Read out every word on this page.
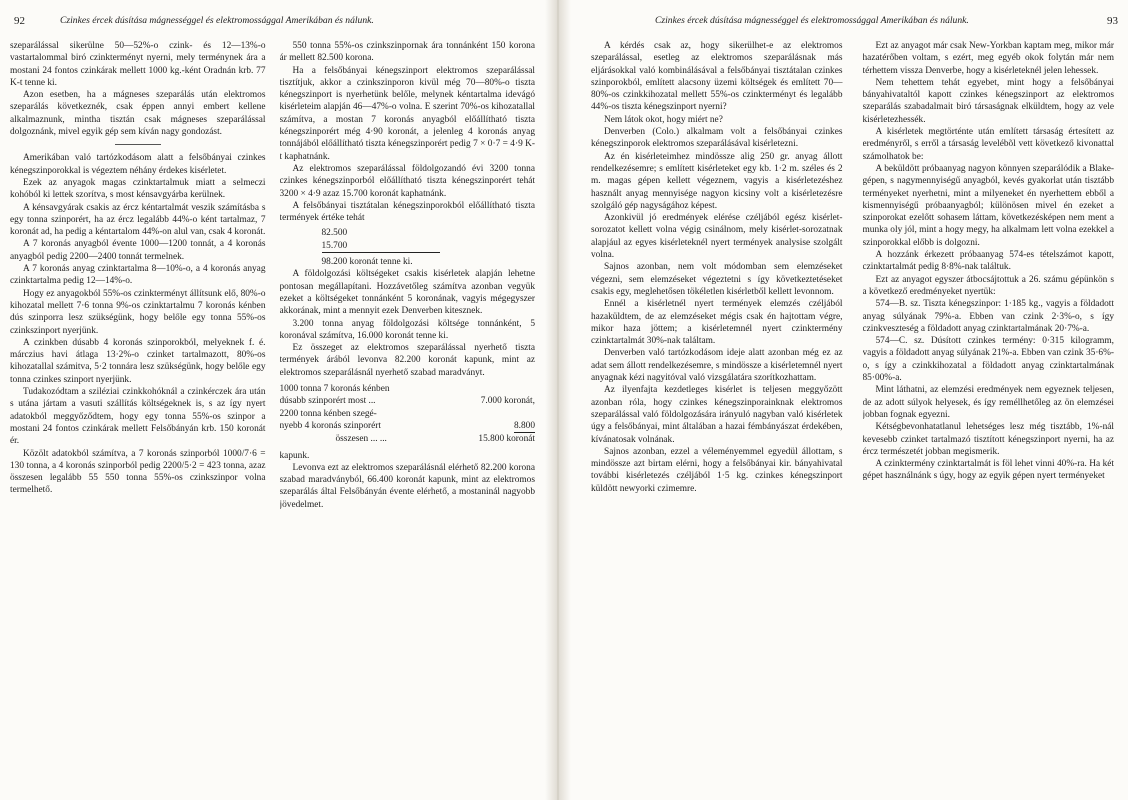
92	Czinkes ércek dúsítása mágnességgel és elektromossággal Amerikában és nálunk.

szeparálással sikerülne 50—52%-o czink- és 12—13%-o vastartalommal biró czinkterményt nyerni, mely terménynek ára a mostani 24 fontos czinkárak mellett 1000 kg.-ként Oradnán krb. 77 K-t tenne ki.

Azon esetben, ha a mágneses szeparálás után elektromos szeparálás következnék, csak éppen annyi embert kellene alkalmaznunk, mintha tisztán csak mágneses szeparálással dolgoznánk, mivel egyik gép sem kíván nagy gondozást.

Amerikában való tartózkodásom alatt a felsőbányai czinkes kénegszinporokkal is végeztem néhány érdekes kisérletet.

Ezek az anyagok magas czinktartalmuk miatt a selmeczi kohóból ki lettek szorítva, s most kénsavgyárba kerülnek.

A kénsavgyárak csakis az ércz kéntartalmát veszik számításba s egy tonna szinporért, ha az ércz legalább 44%-o ként tartalmaz, 7 koronát ad, ha pedig a kéntartalom 44%-on alul van, csak 4 koronát.

A 7 koronás anyagból évente 1000—1200 tonnát, a 4 koronás anyagból pedig 2200—2400 tonnát termelnek.

A 7 koronás anyag czinktartalma 8—10%-o, a 4 koronás anyag czinktartalma pedig 12—14%-o.

Hogy ez anyagokból 55%-os czinkterményt állítsunk elő, 80%-o kihozatal mellett 7·6 tonna 9%-os czinktartalmu 7 koronás kénben dús szinporra lesz szükségünk, hogy belőle egy tonna 55%-os czinkszinport nyerjünk.

A czinkben dúsabb 4 koronás szinporokból, melyeknek f. é. márczius havi átlaga 13·2%-o czinket tartalmazott, 80%-os kihozatallal számitva, 5·2 tonnára lesz szükségünk, hogy belőle egy tonna czinkes szinport nyerjünk.

Tudakozódtam a sziléziai czinkkohóknál a czinkérczek ára után s utána jártam a vasuti szállítás költségeknek is, s az így nyert adatokból meggyőződtem, hogy egy tonna 55%-os szinpor a mostani 24 fontos czinkárak mellett Felsőbányán krb. 150 koronát ér.

Közölt adatokból számítva, a 7 koronás szinporból 1000/7·6 = 130 tonna, a 4 koronás szinporból pedig 2200/5·2 = 423 tonna, azaz összesen legalább 55 550 tonna 55%-os czinkszinpor volna termelhető.

550 tonna 55%-os czinkszinpornak ára tonnánként 150 korona ár mellett 82.500 korona.

Ha a felsőbányai kénegszinport elektromos szeparálással tisztítjuk, akkor a czinkszinporon kivül még 70—80%-o tiszta kénegszinport is nyerhetünk belőle, melynek kéntartalma idevágó kisérleteim alapján 46—47%-o volna. E szerint 70%-os kihozatallal számítva, a mostan 7 koronás anyagból előállítható tiszta kénegszinporért még 4·90 koronát, a jelenleg 4 koronás anyag tonnájából előállítható tiszta kénegszinporért pedig 7 × 0·7 = 4·9 K-t kaphatnánk.

Az elektromos szeparálással földolgozandó évi 3200 tonna czinkes kénegszinporból előállítható tiszta kénegszinporért tehát 3200 × 4·9 azaz 15.700 koronát kaphatnánk.

A felsőbányai tisztátalan kénegszinporokból előállítható tiszta termények értéke tehát

82.500
15.700

98.200 koronát tenne ki.

A földolgozási költségeket csakis kisérletek alapján lehetne pontosan megállapítani. Hozzávetőleg számítva azonban vegyük ezeket a költségeket tonnánként 5 koronának, vagyis mégegyszer akkorának, mint a mennyit ezek Denverben kitesznek.

3.200 tonna anyag földolgozási költsége tonnánként, 5 koronával számítva, 16.000 koronát tenne ki.

Ez összeget az elektromos szeparálással nyerhető tiszta termények árából levonva 82.200 koronát kapunk, mint az elektromos szeparálásnál nyerhető szabad maradványt.

1000 tonna 7 koronás kénben
dúsabb szinporért most ...	7.000 koronát,
2200 tonna kénben szegé-
nyebb 4 koronás szinporért	8.800
összesen ... ...	15.800 koronát

kapunk.

Levonva ezt az elektromos szeparálásnál elérhető 82.200 korona szabad maradványból, 66.400 koronát kapunk, mint az elektromos szeparálás által Felsőbányán évente elérhető, a mostaninál nagyobb jövedelmet.

Czinkes ércek dúsítása mágnességgel és elektromossággal Amerikában és nálunk.	93

A kérdés csak az, hogy sikerülhet-e az elektromos szeparálással, esetleg az elektromos szeparálásnak más eljárásokkal való kombinálásával a felsőbányai tisztátalan czinkes szinporokból, említett alacsony üzemi költségek és említett 70—80%-os czinkkihozatal mellett 55%-os czinkterményt és legalább 44%-os tiszta kénegszinport nyerni?

Nem látok okot, hogy miért ne?

Denverben (Colo.) alkalmam volt a felsőbányai czinkes kénegszinporok elektromos szeparálásával kisérletezni.

Az én kisérleteimhez mindössze alig 250 gr. anyag állott rendelkezésemre; s említett kisérleteket egy kb. 1·2 m. széles és 2 m. magas gépen kellett végeznem, vagyis a kisérletezéshez használt anyag mennyisége nagyon kicsiny volt a kisérletezésre szolgáló gép nagyságához képest.

Azonkivül jó eredmények elérése czéljából egész kisérlet-sorozatot kellett volna végig csinálnom, mely kisérlet-sorozatnak alapjául az egyes kisérleteknél nyert termények analysise szolgált volna.

Sajnos azonban, nem volt módomban sem elemzéseket végezni, sem elemzéseket végeztetni s így következtetéseket csakis egy, meglehetősen tökéletlen kisérletből kellett levonnom.

Ennél a kisérletnél nyert termények elemzés czéljából hazaküldtem, de az elemzéseket mégis csak én hajtottam végre, mikor haza jöttem; a kisérletemnél nyert czinktermény czinktartalmát 30%-nak találtam.

Denverben való tartózkodásom ideje alatt azonban még ez az adat sem állott rendelkezésemre, s mindössze a kisérletemnél nyert anyagnak kézi nagyitóval való vizsgálatára szorítkozhattam.

Az ilyenfajta kezdetleges kisérlet is teljesen meggyőzött azonban róla, hogy czinkes kénegszinporainknak elektromos szeparálással való földolgozására irányuló nagyban való kisérletek úgy a felsőbányai, mint általában a hazai fémbányászat érdekében, kívánatosak volnának.

Sajnos azonban, ezzel a véleményemmel egyedül állottam, s mindössze azt birtam elérni, hogy a felsőbányai kir. bányahivatal további kisérletezés czéljából 1·5 kg. czinkes kénegszinport küldött newyorki czimemre.

Ezt az anyagot már csak New-Yorkban kaptam meg, mikor már hazatérőben voltam, s ezért, meg egyéb okok folytán már nem térhettem vissza Denverbe, hogy a kisérleteknél jelen lehessek.

Nem tehettem tehát egyebet, mint hogy a felsőbányai bányahivataltól kapott czinkes kénegszinport az elektromos szeparálás szabadalmait biró társaságnak elküldtem, hogy az vele kisérletezhessék.

A kisérletek megtörténte után említett társaság értesített az eredményről, s erről a társaság levelébõl vett következő kivonattal számolhatok be:

A beküldött próbaanyag nagyon könnyen szeparálódik a Blake-gépen, s nagymennyiségű anyagból, kevés gyakorlat után tisztább terményeket nyerhetni, mint a milyeneket én nyerhettem ebből a kismennyiségű próbaanyagból; különösen mivel én ezeket a szinporokat ezelőtt sohasem láttam, következésképen nem ment a munka oly jól, mint a hogy megy, ha alkalmam lett volna ezekkel a szinporokkal előbb is dolgozni.

A hozzánk érkezett próbaanyag 574-es tételszámot kapott, czinktartalmát pedig 8·8%-nak találtuk.

Ezt az anyagot egyszer átbocsájtottuk a 26. számu gépünkön s a következő eredményeket nyertük:

574—B. sz. Tiszta kénegszinpor: 1·185 kg., vagyis a földadott anyag súlyának 79%-a. Ebben van czink 2·3%-o, s így czinkveszteség a földadott anyag czinktartalmának 20·7%-a.

574—C. sz. Dúsított czinkes termény: 0·315 kilogramm, vagyis a földadott anyag súlyának 21%-a. Ebben van czink 35·6%-o, s így a czinkkihozatal a földadott anyag czinktartalmának 85·00%-a.

Mint láthatni, az elemzési eredmények nem egyeznek teljesen, de az adott súlyok helyesek, és így reméllhetőleg az ön elemzései jobban fognak egyezni.

Kétségbevonhatatlanul lehetséges lesz még tisztább, 1%-nál kevesebb czinket tartalmazó tisztított kénegszinport nyerni, ha az ércz természetét jobban megismerik.

A czinktermény czinktartalmát is föl lehet vinni 40%-ra. Ha két gépet használnánk s úgy, hogy az egyik gépen nyert terményeket
